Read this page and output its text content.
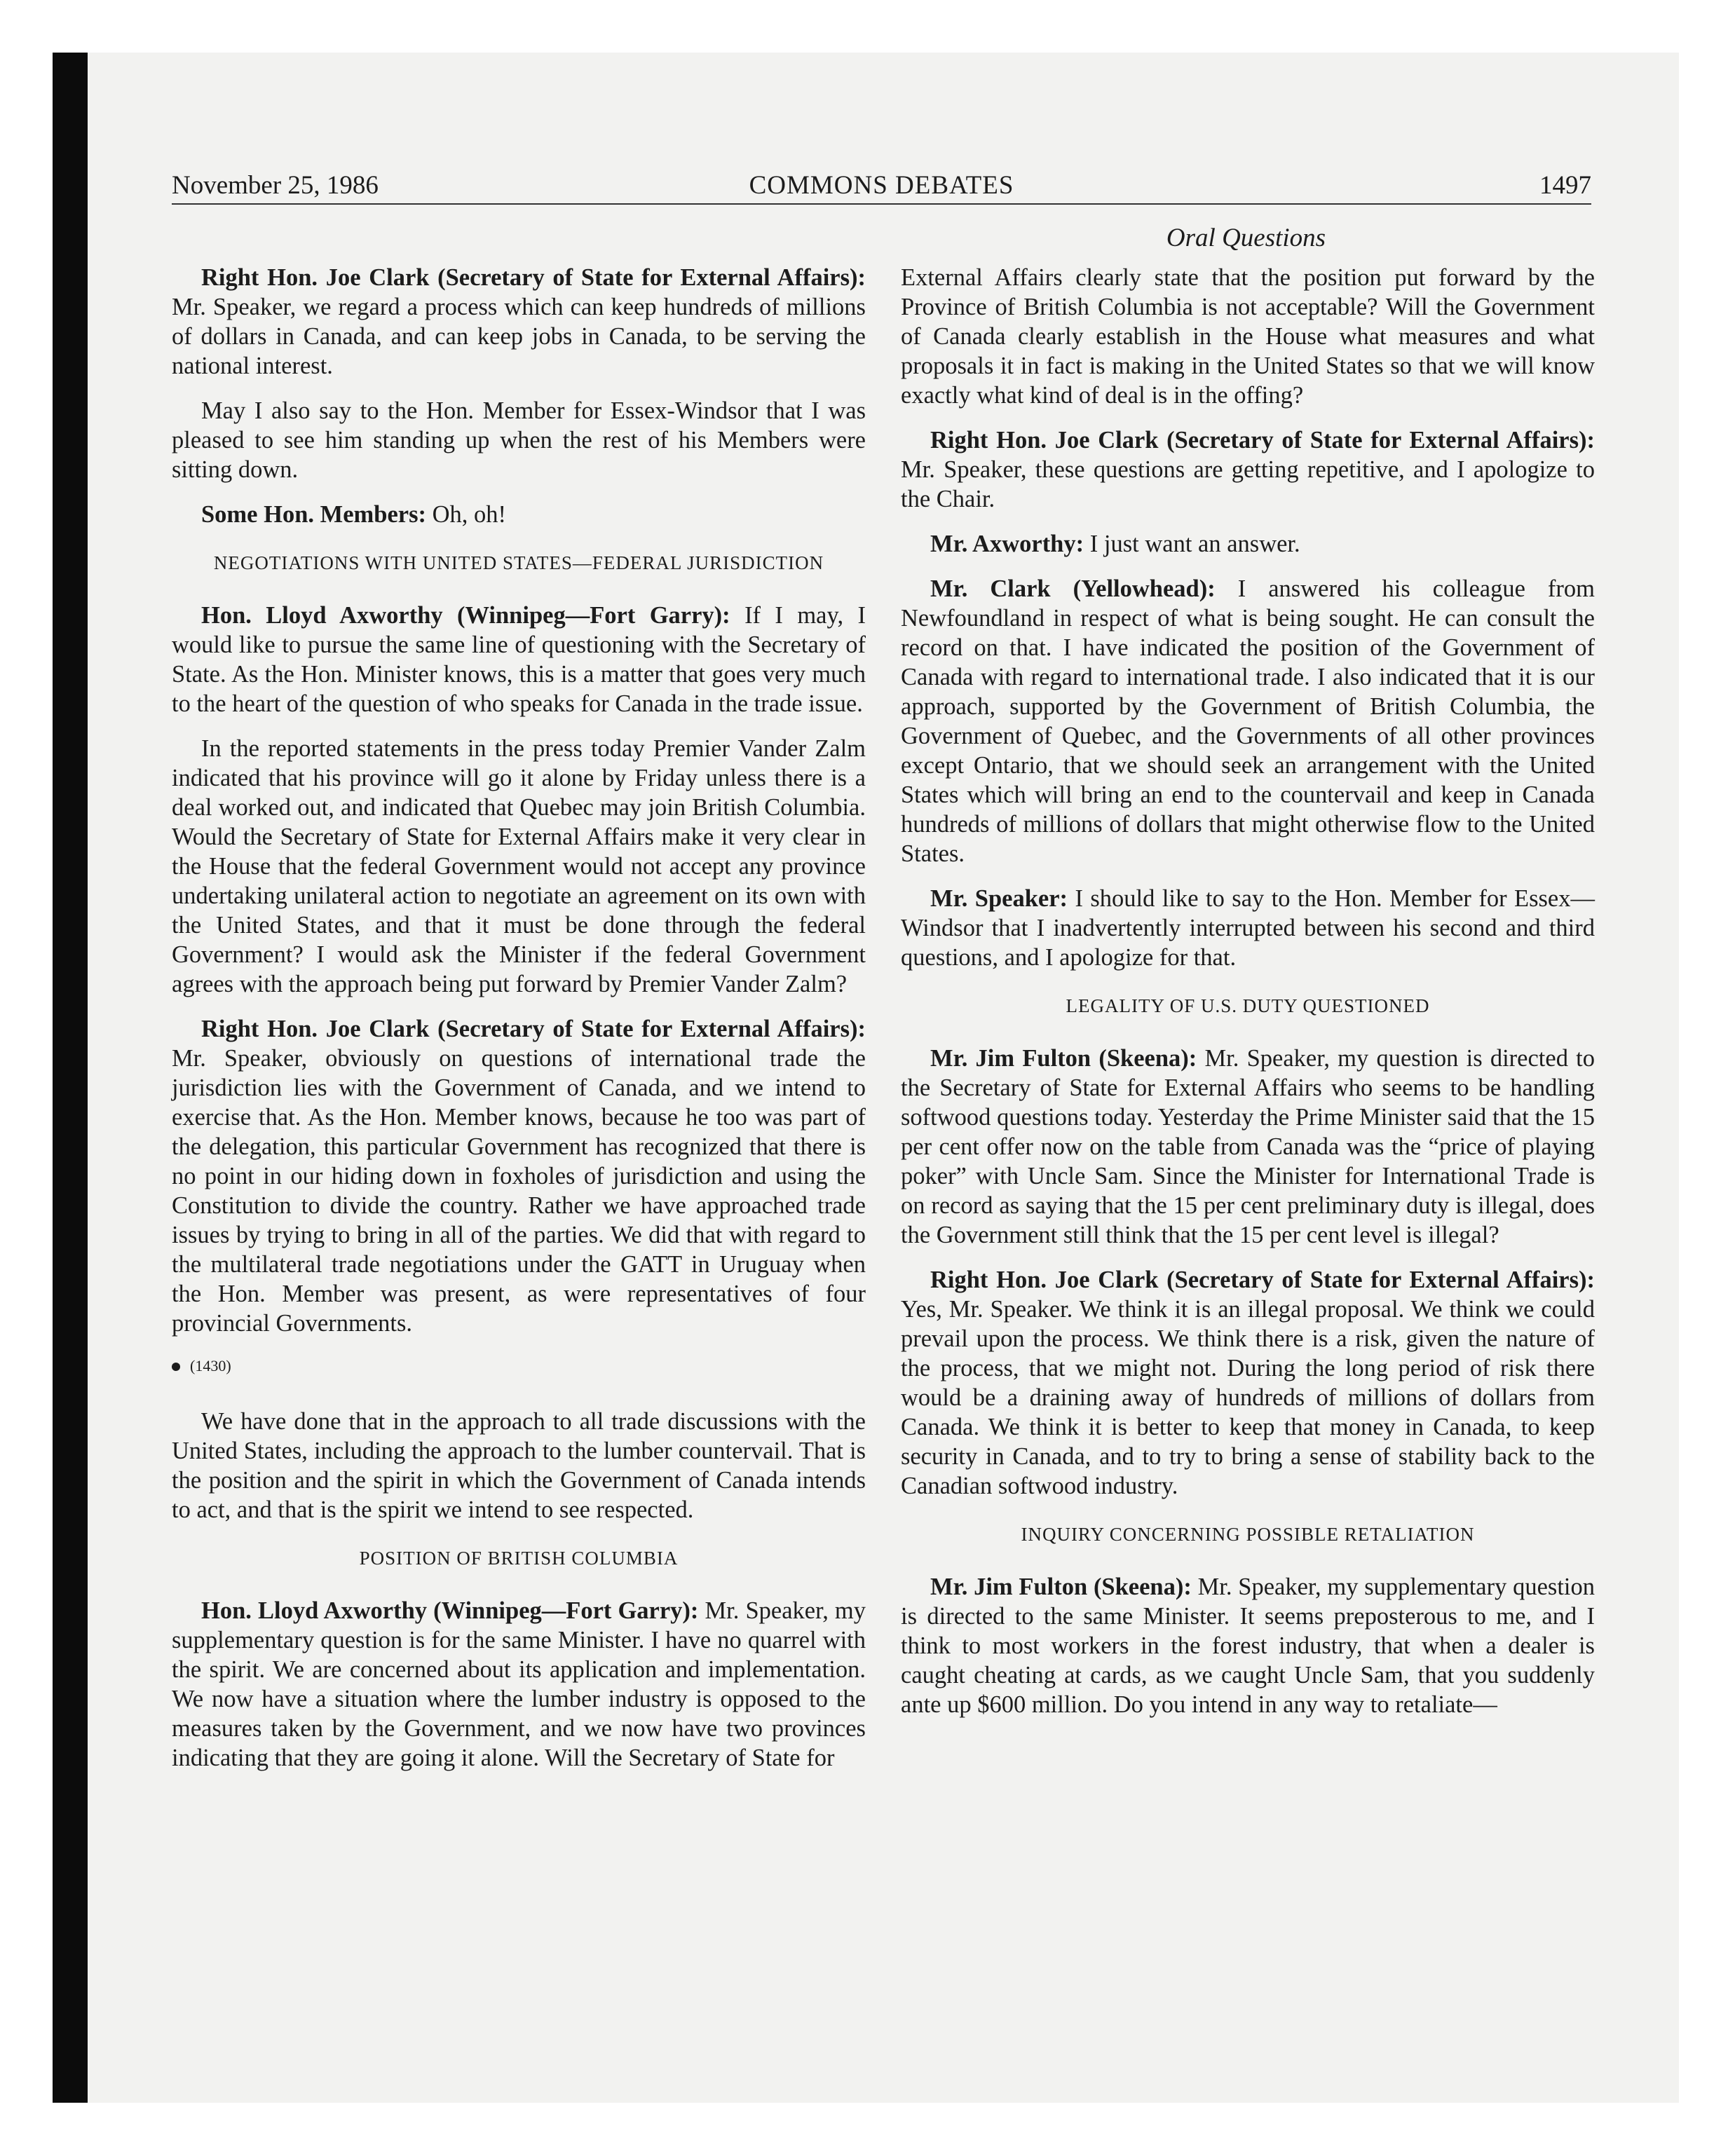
November 25, 1986	COMMONS DEBATES	1497
Oral Questions

Right Hon. Joe Clark (Secretary of State for External Affairs): Mr. Speaker, we regard a process which can keep hundreds of millions of dollars in Canada, and can keep jobs in Canada, to be serving the national interest.

May I also say to the Hon. Member for Essex-Windsor that I was pleased to see him standing up when the rest of his Members were sitting down.

Some Hon. Members: Oh, oh!

NEGOTIATIONS WITH UNITED STATES—FEDERAL JURISDICTION

Hon. Lloyd Axworthy (Winnipeg—Fort Garry): If I may, I would like to pursue the same line of questioning with the Secretary of State. As the Hon. Minister knows, this is a matter that goes very much to the heart of the question of who speaks for Canada in the trade issue.

In the reported statements in the press today Premier Vander Zalm indicated that his province will go it alone by Friday unless there is a deal worked out, and indicated that Quebec may join British Columbia. Would the Secretary of State for External Affairs make it very clear in the House that the federal Government would not accept any province undertaking unilateral action to negotiate an agreement on its own with the United States, and that it must be done through the federal Government? I would ask the Minister if the federal Government agrees with the approach being put forward by Premier Vander Zalm?

Right Hon. Joe Clark (Secretary of State for External Affairs): Mr. Speaker, obviously on questions of international trade the jurisdiction lies with the Government of Canada, and we intend to exercise that. As the Hon. Member knows, because he too was part of the delegation, this particular Government has recognized that there is no point in our hiding down in foxholes of jurisdiction and using the Constitution to divide the country. Rather we have approached trade issues by trying to bring in all of the parties. We did that with regard to the multilateral trade negotiations under the GATT in Uruguay when the Hon. Member was present, as were representatives of four provincial Governments.

(1430)

We have done that in the approach to all trade discussions with the United States, including the approach to the lumber countervail. That is the position and the spirit in which the Government of Canada intends to act, and that is the spirit we intend to see respected.

POSITION OF BRITISH COLUMBIA

Hon. Lloyd Axworthy (Winnipeg—Fort Garry): Mr. Speaker, my supplementary question is for the same Minister. I have no quarrel with the spirit. We are concerned about its application and implementation. We now have a situation where the lumber industry is opposed to the measures taken by the Government, and we now have two provinces indicating that they are going it alone. Will the Secretary of State for

External Affairs clearly state that the position put forward by the Province of British Columbia is not acceptable? Will the Government of Canada clearly establish in the House what measures and what proposals it in fact is making in the United States so that we will know exactly what kind of deal is in the offing?

Right Hon. Joe Clark (Secretary of State for External Affairs): Mr. Speaker, these questions are getting repetitive, and I apologize to the Chair.

Mr. Axworthy: I just want an answer.

Mr. Clark (Yellowhead): I answered his colleague from Newfoundland in respect of what is being sought. He can consult the record on that. I have indicated the position of the Government of Canada with regard to international trade. I also indicated that it is our approach, supported by the Government of British Columbia, the Government of Quebec, and the Governments of all other provinces except Ontario, that we should seek an arrangement with the United States which will bring an end to the countervail and keep in Canada hundreds of millions of dollars that might otherwise flow to the United States.

Mr. Speaker: I should like to say to the Hon. Member for Essex—Windsor that I inadvertently interrupted between his second and third questions, and I apologize for that.

LEGALITY OF U.S. DUTY QUESTIONED

Mr. Jim Fulton (Skeena): Mr. Speaker, my question is directed to the Secretary of State for External Affairs who seems to be handling softwood questions today. Yesterday the Prime Minister said that the 15 per cent offer now on the table from Canada was the “price of playing poker” with Uncle Sam. Since the Minister for International Trade is on record as saying that the 15 per cent preliminary duty is illegal, does the Government still think that the 15 per cent level is illegal?

Right Hon. Joe Clark (Secretary of State for External Affairs): Yes, Mr. Speaker. We think it is an illegal proposal. We think we could prevail upon the process. We think there is a risk, given the nature of the process, that we might not. During the long period of risk there would be a draining away of hundreds of millions of dollars from Canada. We think it is better to keep that money in Canada, to keep security in Canada, and to try to bring a sense of stability back to the Canadian softwood industry.

INQUIRY CONCERNING POSSIBLE RETALIATION

Mr. Jim Fulton (Skeena): Mr. Speaker, my supplementary question is directed to the same Minister. It seems preposterous to me, and I think to most workers in the forest industry, that when a dealer is caught cheating at cards, as we caught Uncle Sam, that you suddenly ante up $600 million. Do you intend in any way to retaliate—
